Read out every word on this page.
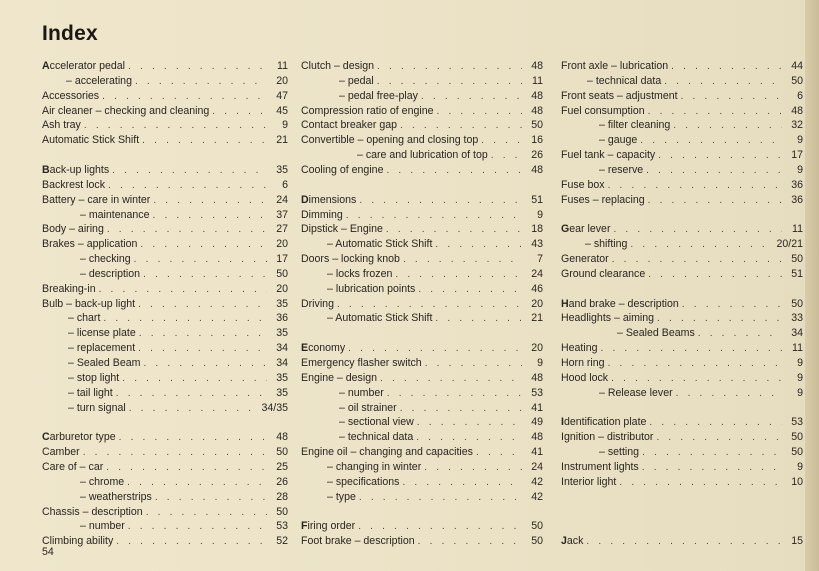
Index
Accelerator pedal . . .	11
– accelerating . . .	20
Accessories . . .	47
Air cleaner – checking and cleaning . . .	45
Ash tray . . .	9
Automatic Stick Shift . . .	21
Back-up lights . . .	35
Backrest lock . . .	6
Battery – care in winter . . .	24
– maintenance . . .	37
Body – airing . . .	27
Brakes – application . . .	20
– checking . . .	17
– description . . .	50
Breaking-in . . .	20
Bulb – back-up light . . .	35
– chart . . .	36
– license plate . . .	35
– replacement . . .	34
– Sealed Beam . . .	34
– stop light . . .	35
– tail light . . .	35
– turn signal . . .	34/35
Carburetor type . . .	48
Camber . . .	50
Care of – car . . .	25
– chrome . . .	26
– weatherstrips . . .	28
Chassis – description . . .	50
– number . . .	53
Climbing ability . . .	52
Clutch – design . . .	48
– pedal . . .	11
– pedal free-play . . .	48
Compression ratio of engine . . .	48
Contact breaker gap . . .	50
Convertible – opening and closing top . . .	16
– care and lubrication of top . . .	26
Cooling of engine . . .	48
Dimensions . . .	51
Dimming . . .	9
Dipstick – Engine . . .	18
– Automatic Stick Shift . . .	43
Doors – locking knob . . .	7
– locks frozen . . .	24
– lubrication points . . .	46
Driving . . .	20
– Automatic Stick Shift . . .	21
Economy . . .	20
Emergency flasher switch . . .	9
Engine – design . . .	48
– number . . .	53
– oil strainer . . .	41
– sectional view . . .	49
– technical data . . .	48
Engine oil – changing and capacities . . .	41
– changing in winter . . .	24
– specifications . . .	42
– type . . .	42
Firing order . . .	50
Foot brake – description . . .	50
Front axle – lubrication . . .	44
– technical data . . .	50
Front seats – adjustment . . .	6
Fuel consumption . . .	48
– filter cleaning . . .	32
– gauge . . .	9
Fuel tank – capacity . . .	17
– reserve . . .	9
Fuse box . . .	36
Fuses – replacing . . .	36
Gear lever . . .	11
– shifting . . .	20/21
Generator . . .	50
Ground clearance . . .	51
Hand brake – description . . .	50
Headlights – aiming . . .	33
– Sealed Beams . . .	34
Heating . . .	11
Horn ring . . .	9
Hood lock . . .	9
– Release lever . . .	9
Identification plate . . .	53
Ignition – distributor . . .	50
– setting . . .	50
Instrument lights . . .	9
Interior light . . .	10
Jack . . .	15
54
